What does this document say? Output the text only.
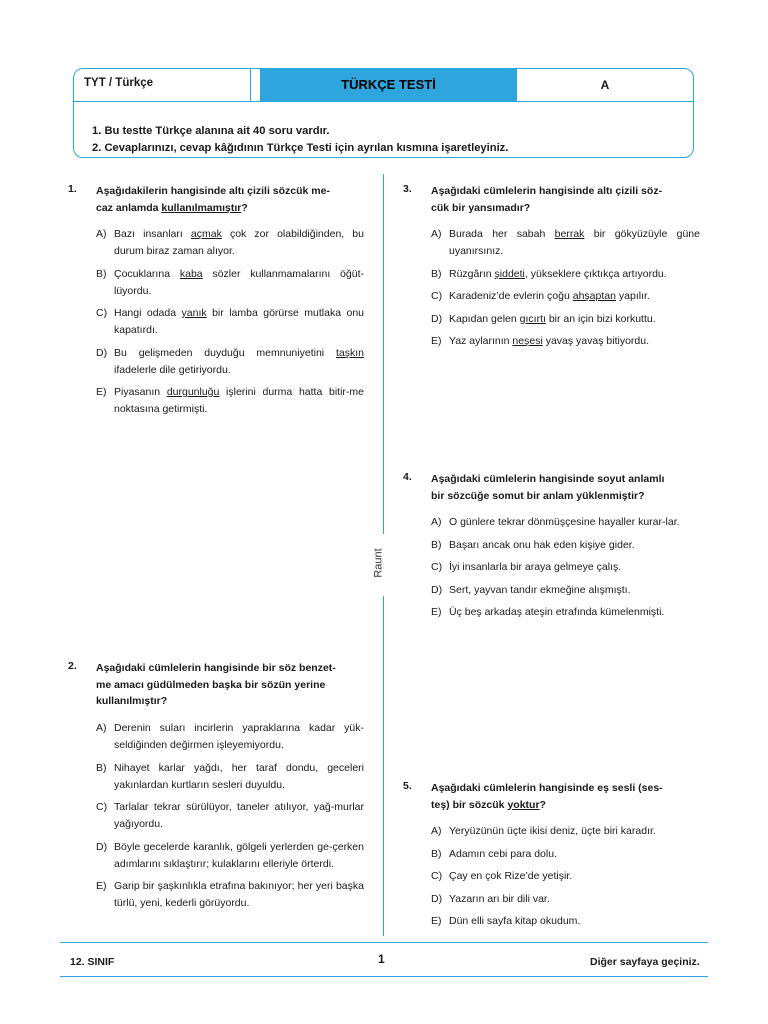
TYT / Türkçe	TÜRKÇE TESTİ	A
1. Bu testte Türkçe alanına ait 40 soru vardır.
2. Cevaplarınızı, cevap kâğıdının Türkçe Testi için ayrılan kısmına işaretleyiniz.
Raunt
1. Aşağıdakilerin hangisinde altı çizili sözcük me-
caz anlamda kullanılmamıştır?
A) Bazı insanları açmak çok zor olabildiğinden, bu durum biraz zaman alıyor.
B) Çocuklarına kaba sözler kullanmamalarını öğüt-lüyordu.
C) Hangi odada yanık bir lamba görürse mutlaka onu kapatırdı.
D) Bu gelişmeden duyduğu memnuniyetini taşkın ifadelerle dile getiriyordu.
E) Piyasanın durgunluğu işlerini durma hatta bitir-me noktasına getirmişti.
2. Aşağıdaki cümlelerin hangisinde bir söz benzet-
me amacı güdülmeden başka bir sözün yerine
kullanılmıştır?
A) Derenin suları incirlerin yapraklarına kadar yük-seldiğinden değirmen işleyemiyordu.
B) Nihayet karlar yağdı, her taraf dondu, geceleri yakınlardan kurtların sesleri duyuldu.
C) Tarlalar tekrar sürülüyor, taneler atılıyor, yağ-murlar yağıyordu.
D) Böyle gecelerde karanlık, gölgeli yerlerden ge-çerken adımlarını sıklaştırır; kulaklarını elleriyle örterdi.
E) Garip bir şaşkınlıkla etrafına bakınıyor; her yeri başka türlü, yeni, kederli görüyordu.
3. Aşağıdaki cümlelerin hangisinde altı çizili söz-
cük bir yansımadır?
A) Burada her sabah berrak bir gökyüzüyle güne uyanırsınız.
B) Rüzgârın şiddeti, yükseklere çıktıkça artıyordu.
C) Karadeniz’de evlerin çoğu ahşaptan yapılır.
D) Kapıdan gelen gıcırtı bir an için bizi korkuttu.
E) Yaz aylarının neşesi yavaş yavaş bitiyordu.
4. Aşağıdaki cümlelerin hangisinde soyut anlamlı
bir sözcüğe somut bir anlam yüklenmiştir?
A) O günlere tekrar dönmüşçesine hayaller kurar-lar.
B) Başarı ancak onu hak eden kişiye gider.
C) İyi insanlarla bir araya gelmeye çalış.
D) Sert, yayvan tandır ekmeğine alışmıştı.
E) Üç beş arkadaş ateşin etrafında kümelenmişti.
5. Aşağıdaki cümlelerin hangisinde eş sesli (ses-
teş) bir sözcük yoktur?
A) Yeryüzünün üçte ikisi deniz, üçte biri karadır.
B) Adamın cebi para dolu.
C) Çay en çok Rize’de yetişir.
D) Yazarın arı bir dili var.
E) Dün elli sayfa kitap okudum.
12. SINIF	1	Diğer sayfaya geçiniz.
